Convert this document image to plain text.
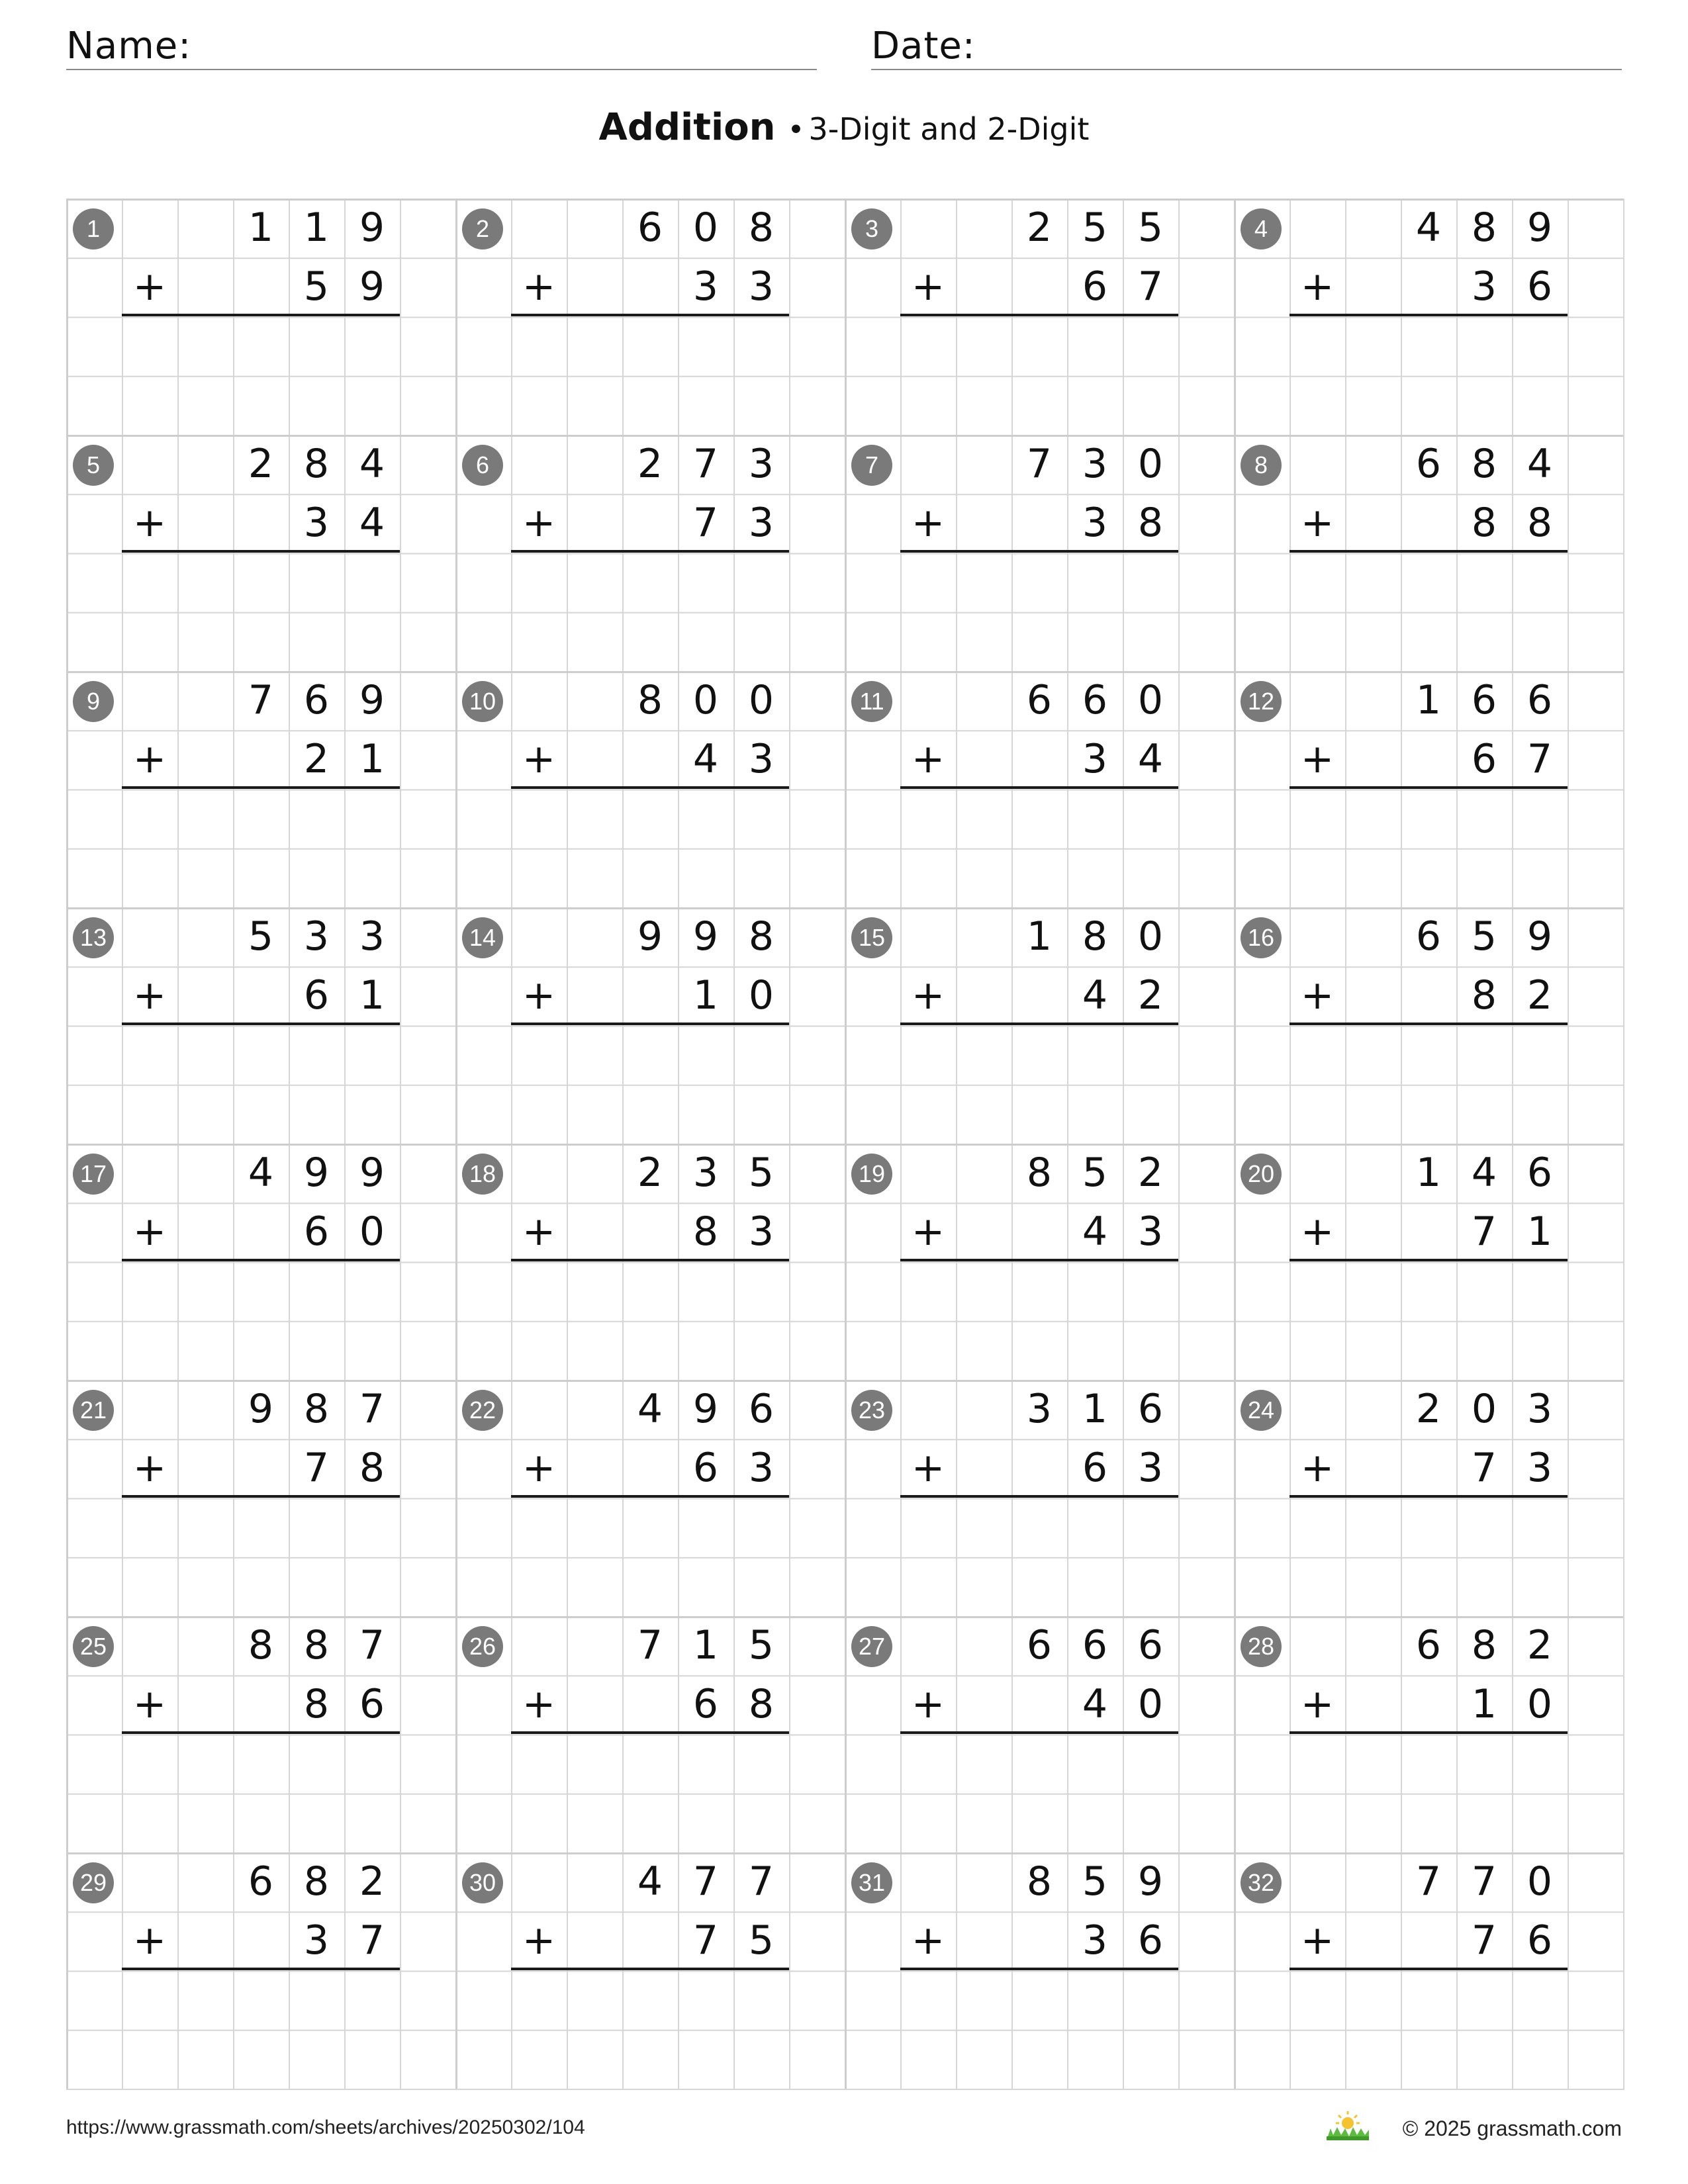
Name:	Date:
Addition • 3-Digit and 2-Digit
1	1 1 9
+	5 9
2	6 0 8
+	3 3
3	2 5 5
+	6 7
4	4 8 9
+	3 6
5	2 8 4
+	3 4
6	2 7 3
+	7 3
7	7 3 0
+	3 8
8	6 8 4
+	8 8
9	7 6 9
+	2 1
10	8 0 0
+	4 3
11	6 6 0
+	3 4
12	1 6 6
+	6 7
13	5 3 3
+	6 1
14	9 9 8
+	1 0
15	1 8 0
+	4 2
16	6 5 9
+	8 2
17	4 9 9
+	6 0
18	2 3 5
+	8 3
19	8 5 2
+	4 3
20	1 4 6
+	7 1
21	9 8 7
+	7 8
22	4 9 6
+	6 3
23	3 1 6
+	6 3
24	2 0 3
+	7 3
25	8 8 7
+	8 6
26	7 1 5
+	6 8
27	6 6 6
+	4 0
28	6 8 2
+	1 0
29	6 8 2
+	3 7
30	4 7 7
+	7 5
31	8 5 9
+	3 6
32	7 7 0
+	7 6
https://www.grassmath.com/sheets/archives/20250302/104	© 2025 grassmath.com
